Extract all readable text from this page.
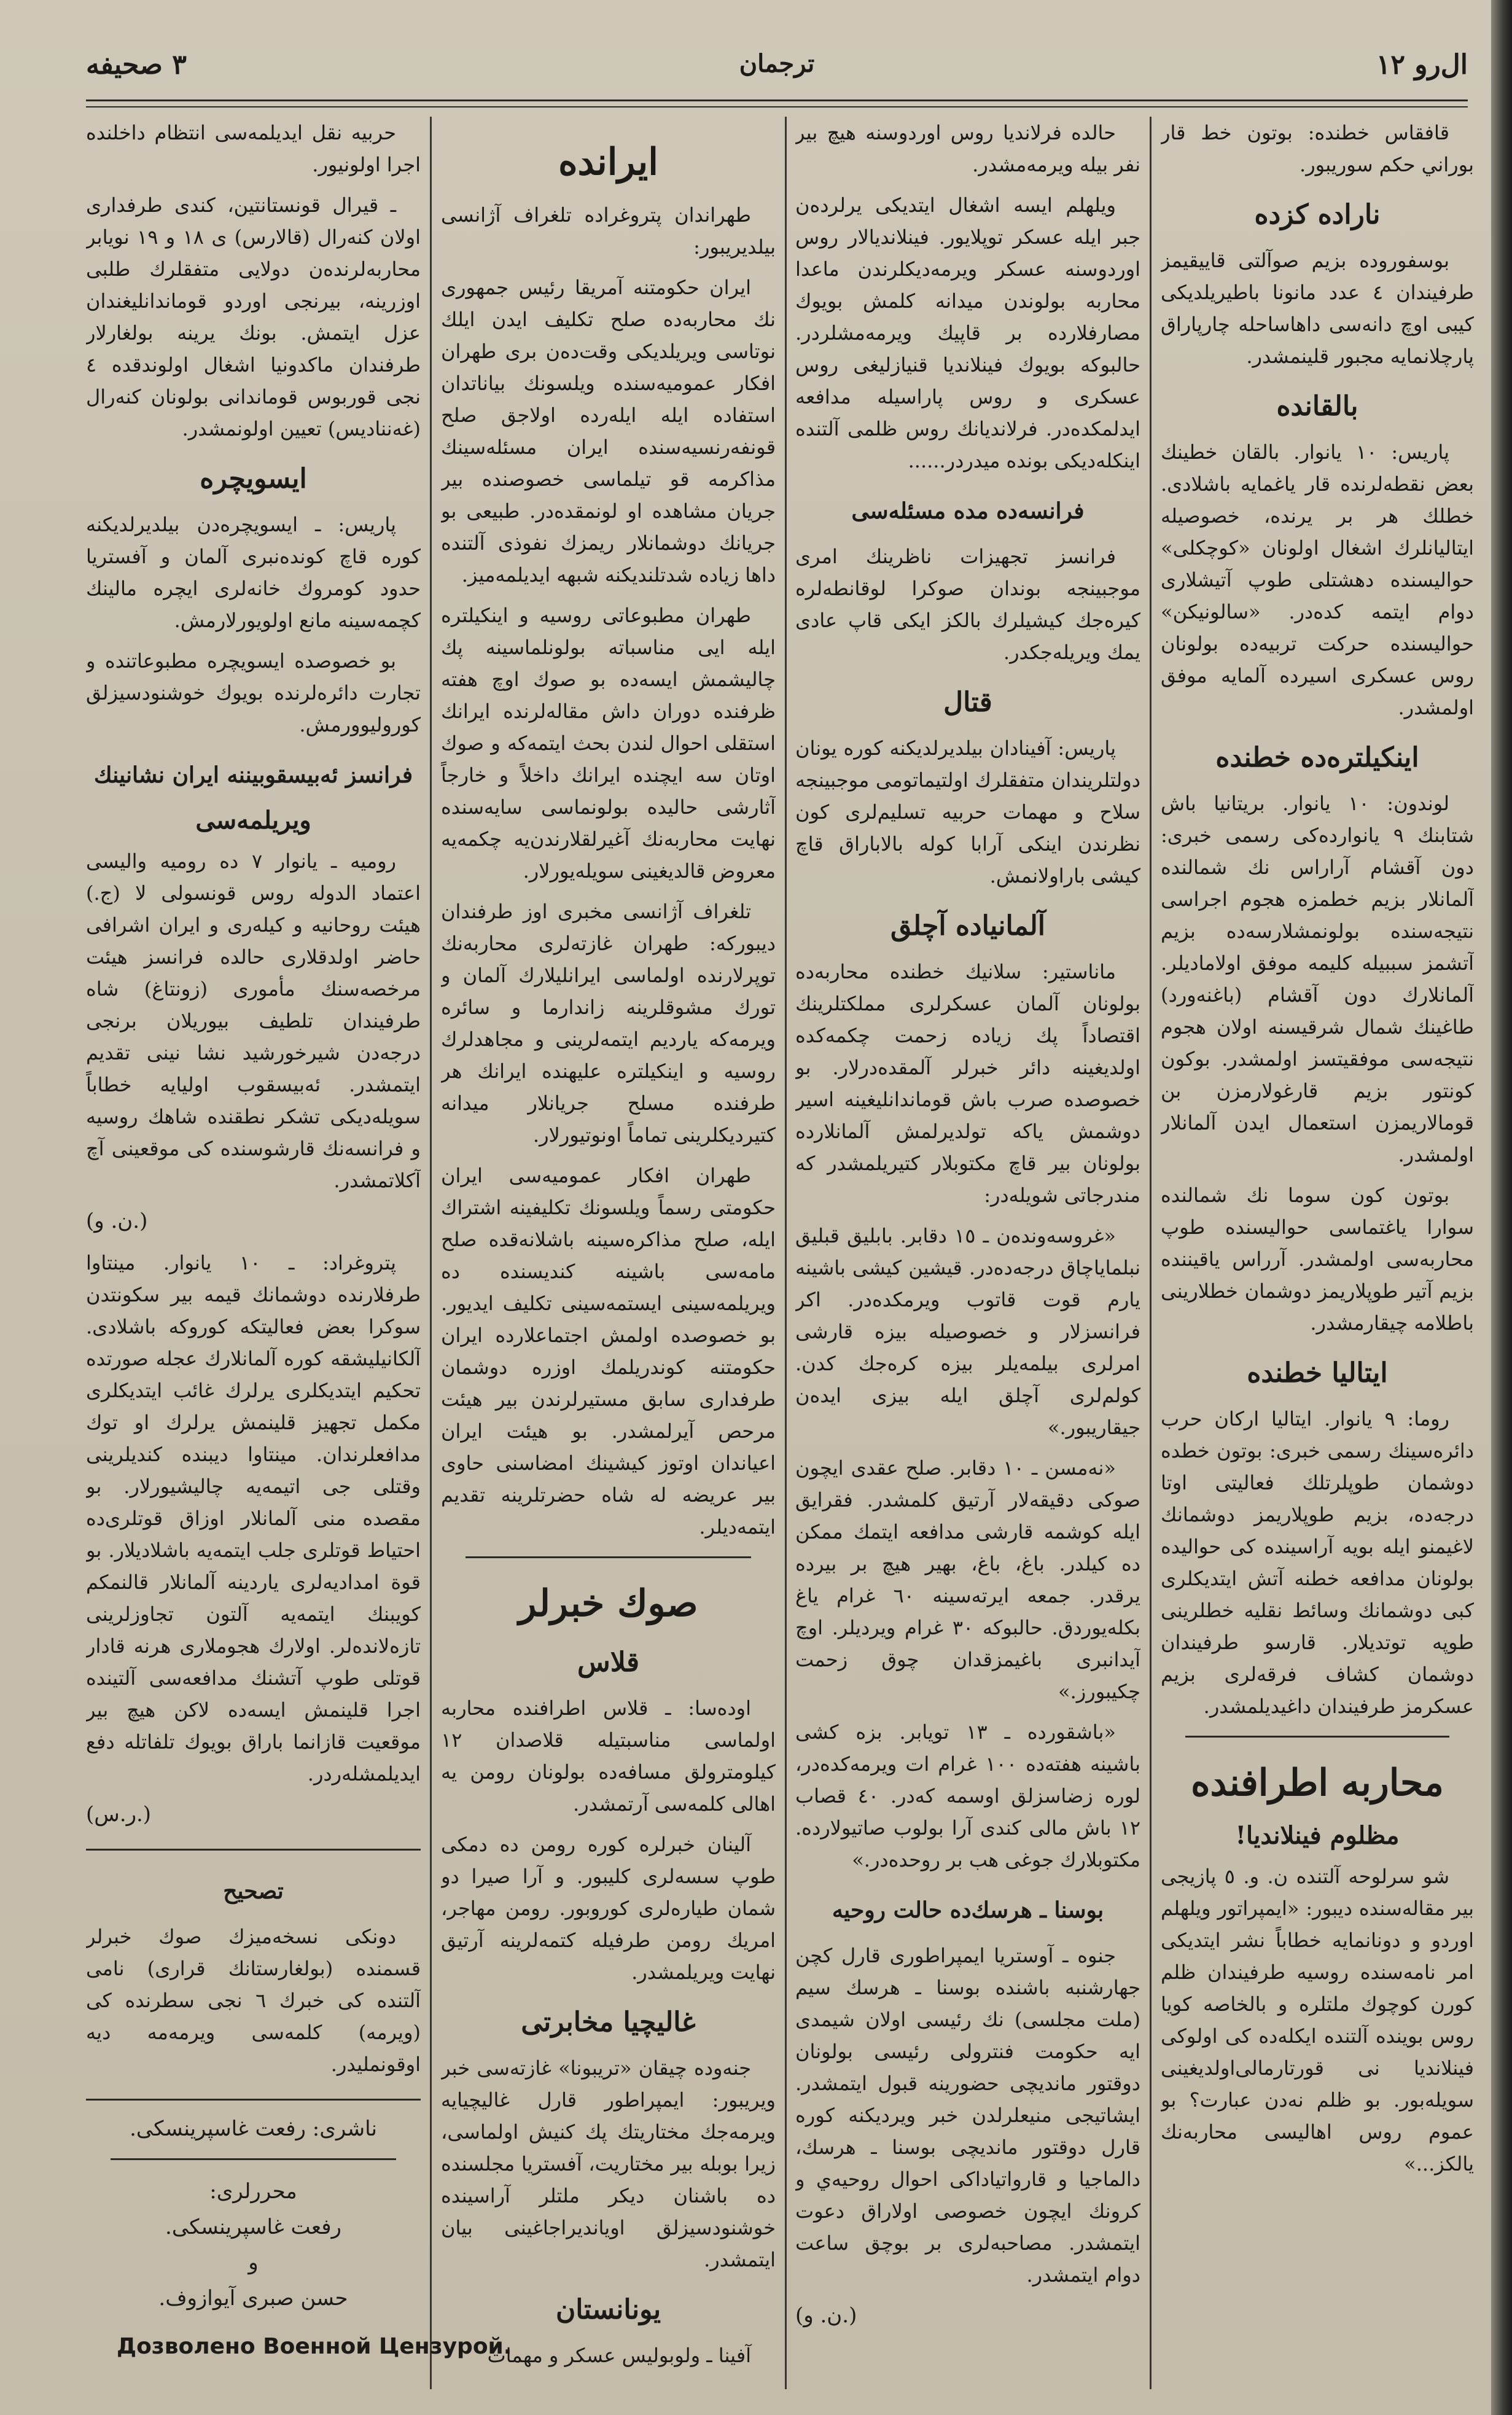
ال‌رو ١٢
ترجمان
٣ صحيفه

قافقاس خطنده: بوتون خط قار بوراني حكم سوريبور.

ناراده کزده

بوسفوروده بزیم صوآلتی قاییقیمز طرفیندان ٤ عدد مانونا باطیریلدیکی کیبی اوچ دانه‌سی داهاساحله چارپاراق پارچلانمایه مجبور قلینمشدر.

بالقانده

پاریس: ١٠ يانوار. بالقان خطينك بعض نقطه‌لرنده قار یاغمایه باشلادی. خطلك هر بر يرنده، خصوصيله ايتاليانلرك اشغال اولونان «كوچكلى» حوالیسنده دهشتلی طوپ آتیشلاری دوام ايتمه كده‌در. «سالونيكن» حوالیسنده حركت تربیه‌ده بولونان روس عسکری اسیرده آلمایه موفق اولمشدر.

اینکیلتره‌ده خطنده

لوندون: ١٠ يانوار. بریتانيا باش شتابنك ٩ يانوارده‌كی رسمی خبری: دون آقشام آراراس نك شمالنده آلمانلار بزيم خطمزه هجوم اجراسی نتيجه‌سنده بولونمشلارسه‌ده بزيم آتشمز سببيله كليمه موفق اولامادیلر. آلمانلارك دون آقشام (باغنه‌ورد) طاغينك شمال شرقيسنه اولان هجوم نتيجه‌سی موفقيتسز اولمشدر. بوكون كونتور بزيم قارغولارمزن بن قومالاریمزن استعمال ایدن آلمانلار اولمشدر.

بوتون كون سوما نك شمالنده سوارا ياغتماسی حواليسنده طوپ محاربه‌سی اولمشدر. آرراس ياقيننده بزيم آتير طوپلاريمز دوشمان خطلارينی باطلامه چيقارمشدر.

ايتاليا خطنده

روما: ٩ يانوار. ايتاليا اركان حرب دائره‌سينك رسمی خبری: بوتون خطده دوشمان طوپلرتلك فعالیتی اوتا درجه‌ده، بزيم طوپلاريمز دوشمانك لاغيمنو ايله بويه آراسينده كی حواليده بولونان مدافعه خطنه آتش ایتدیكلری كبی دوشمانك وسائط نقليه خطلرينی طوپه توتديلار. قارسو طرفيندان دوشمان كشاف فرقه‌لری بزيم عسکرمز طرفيندان داغيدیلمشدر.

محاربه اطرافنده
مظلوم فينلانديا!

شو سرلوحه آلتنده ن. و. ٥ پازيجی بير مقاله‌سنده ديبور: «ايمپراتور ويلهلم اوردو و دونانمايه خطاباً نشر ايتديكی امر نامه‌سنده روسيه طرفيندان ظلم كورن كوچوك ملتلره و بالخاصه كويا روس بوينده آلتنده ايكله‌ده كی اولوکی فينلانديا نى قورتارمالی‌اولديغينی سويله‌بور. بو ظلم نه‌دن عبارت؟ بو عموم روس اهاليسی محاربه‌نك يالكز...»

حالده فرلانديا روس اوردوسنه هيچ بير نفر بيله ويرمه‌مشدر.

ويلهلم ايسه اشغال ايتديكی يرلرده‌ن جبر ايله عسکر توپلایور. فينلانديالار روس اوردوسنه عسکر ويرمه‌دیكلرندن ماعدا محاربه بولوندن ميدانه كلمش بويوك مصارفلارده بر قاپيك ويرمه‌مشلردر. حالبوكه بويوك فينلانديا قنيازلیغی روس عسکری و روس پاراسيله مدافعه ايدلمكده‌در. فرلانديانك روس ظلمی آلتنده اينكله‌ديكی بونده ميدردر......

فرانسه‌ده مده مسئله‌سی

فرانسز تجهيزات ناظرينك امری موجبينجه بوندان صوكرا لوقانطه‌لره كيره‌جك كيشيلرك بالكز ايكی قاپ عادی يمك ويريله‌جكدر.

قتال

پاريس: آفينادان بيلديرلديكنه كوره يونان دولتلريندان متفقلرك اولتيماتومی موجبينجه سلاح و مهمات حربيه تسليم‌لری كون نظرندن اينكی آرابا كوله بالاباراق قاچ كيشی باراولانمش.

آلمانيا‌ده آچلق

ماناستير: سلانيك خطنده محاربه‌ده بولونان آلمان عسکرلری مملکتلرينك اقتصاداً پك زياده زحمت چكمه‌كده اولديغينه دائر خبرلر آلمقده‌درلار. بو خصوصده صرب باش قوماندانلیغینه اسير دوشمش ياكه تولديرلمش آلمانلارده بولونان بير قاچ مكتوبلار كتيريلمشدر كه مندرجاتی شويله‌در:

«غروسه‌ونده‌ن ـ ١٥ دقابر. بابليق قبليق نبلمايا‌چاق درجه‌ده‌در. قيشين كيشی باشينه يارم قوت قاتوب ويرمكده‌در. اكر فرانسزلار و خصوصيله بيزه قارشی امرلری بيلمه‌يلر بيزه كره‌جك كدن. كولم‌لری آچلق ايله بيزی ايده‌ن جيقاريبور.»

«نه‌مسن ـ ١٠ دقابر. صلح عقدی ايچون صوكی دقيقه‌لار آرتيق كلمشدر. فقرايق ايله كوشمه قارشی مدافعه ايتمك ممكن ده كيلدر. باغ، باغ، بهير هيچ بر بيرده يرقدر. جمعه ايرته‌سينه ٦٠ غرام ياغ بكله‌يوردق. حالبوكه ٣٠ غرام ويرديلر. اوچ آيدانبری باغيمزقدان چوق زحمت چكيبورز.»

«باشقورده ـ ١٣ تويابر. بزه كشی باشينه هفته‌ده ١٠٠ غرام ات ويرمه‌كده‌در، لوره زضاسزلق اوسمه كه‌در. ٤٠ قصاب ١٢ باش مالی كندی آرا بولوب صاتيولارده. مكتوبلارك جوغی هب بر روحده‌در.»

بوسنا ـ هرسك‌ده حالت روحيه

جنوه ـ آوستريا ايمپراطوری قارل كچن جهارشنبه باشنده بوسنا ـ هرسك سيم (ملت مجلسی) نك رئيسی اولان شيمدی ايه حكومت فنترولی رئيسی بولونان دوقتور ماندیچی حضورينه قبول ايتمشدر. ايشاتيجی منيعلرلدن خبر ويرديكنه كوره قارل دوقتور ماندیچی بوسنا ـ هرسك، دالماجيا و قارواتياداكی احوال روحيه‌ي و كرونك ايچون خصوصی اولاراق دعوت ايتمشدر. مصاحبه‌لری بر بوچق ساعت دوام ايتمشدر.

(ن. و.)
ايرانده

طهراندان پترو‌غراده تلغراف آژانسی بيلديريبور:

ايران حكومتنه آمريقا رئيس جمهوری نك محاربه‌ده صلح تكليف ايدن ايلك نوتاسی ويريلديكی وقت‌ده‌ن بری طهران افكار عموميه‌سنده ويلسونك بياناتدان استفاده ايله ايله‌رده اولاجق صلح قونفه‌رنسيه‌سنده ايران مسئله‌سينك مذاكرمه قو تيلماسی خصوصنده بير جريان مشاهده او لونمقده‌در. طبيعی بو جريانك دوشمانلار ريمزك نفوذی آلتنده داها زياده شدتلنديكنه شبهه ايديلمه‌ميز.

طهران مطبوعاتی روسيه و اينكيلتره ايله ايی مناسباته بولونلماسينه پك چاليشمش ايسه‌ده بو صوك اوچ هفته‌ ظرفنده دوران داش مقاله‌لرنده ايرانك استقلی احوال لندن بحث ايتمه‌كه و صوك اوتان سه ايچنده ايرانك داخلاً و خارجاً آثارشی حاليده بولونماسی سايه‌سنده نهايت محاربه‌نك آغيرلقلارندن‌يه چكمه‌يه معروض قالديغينی سويله‌يورلار.

تلغراف آژانسی مخبری اوز طرفندان ديبوركه: طهران غازته‌لری محاربه‌نك توپرلارنده اولماسی ايرانليلارك آلمان و تورك مشوقلرينه زاندارما و سائره ويرمه‌كه يارديم ايتمه‌لرينی و مجاهدلرك روسيه و اينكيلتره عليهنده ايرانك هر طرفنده مسلح جريانلار ميدانه كتيرديكلرينی تماماً اونوتيورلار.

طهران افكار عموميه‌سی ايران حكومتی رسماً ويلسونك تكليفينه اشتراك ايله، صلح مذاكره‌سينه باشلانه‌قده صلح مامه‌سی باشينه كنديسنده ده ويريلمه‌سينی ايستمه‌سينی تكليف ايديور. بو خصوصده اولمش اجتماعلارده ايران حكومتنه كوندريلمك اوزره دوشمان طرفداری سابق مستيرلرندن بير هيئت مرحص آيرلمشدر. بو هيئت ايران اعياندان اوتوز كيشينك امضاسنی حاوی بير عريضه‌ له شاه حضرتلرينه تقديم ايتمه‌ديلر.

صوك خبرلر
قلاس

اوده‌سا: ـ قلاس اطرافنده محاربه اولماسی مناسبتيله قلاصدان ١٢ كيلو‌مترولق مسافه‌ده بولونان رومن يه اهالی كلمه‌سی آرتمشدر.

آلينان خبرلره كوره رومن ده دمكی طوپ سسه‌لری كليبور. و آرا صيرا دو شمان طياره‌لری كوروبور. رومن مهاجر، امريك رومن طرفيله كتمه‌لرينه آرتيق نهايت ويريلمشدر.

غاليچيا مخابرتی

جنه‌وده چيقان «تريبونا» غازته‌سی خبر ويريبور: ايمپراطور قارل غاليچيايه ويرمه‌جك مختاريتك پك كنيش اولماسی، زيرا بوبله بير مختاريت، آفستريا مجلسنده ‌ده باشنان ديكر ملتلر آراسينده خوشنودسيزلق اويانديراجاغينی بيان ايتمشدر.

يونانستان

آفينا ـ ولوبوليس عسكر و مهمات

حربيه نقل ايديلمه‌سی انتظام داخلنده اجرا اولونيور.

ـ قيرال قونستانتين، كندی طرفداری اولان كنه‌رال (قالارس) ی ١٨ و ١٩ نويابر محاربه‌لرنده‌ن دولايی متفقلرك طلبی اوزرينه، بيرنجی اوردو قوماندانليغندان عزل ايتمش. بونك يرينه بولغارلار طرفندان ماكدونيا اشغال اولوندقده ٤ نجی قوربوس قوماندانی بولونان كنه‌رال (غه‌نناديس) تعيين اولونمشدر.

ايسويچره

پاريس: ـ ايسويچره‌دن بيلديرلديكنه كوره قاچ كونده‌نبری آلمان و آفستريا حدود كومروك خانه‌لری ايچره مالينك كچمه‌سينه مانع اولويورلارمش.

بو خصوصده ايسويچره مطبوعاتنده و تجارت دائره‌لرنده بويوك خوشنودسيزلق كوروليوورمش.

فرانسز ئه‌بيسقوبيننه ايران نشانينك
ويريلمه‌سی

روميه ـ يانوار ٧ ده روميه واليسی اعتماد الدوله روس قونسولی لا (ج.) هيئت روحانيه و كيله‌ری و ايران اشرافی حاضر اولدقلاری حالده فرانسز هيئت مرخصه‌سنك مأموری (زونتاغ) شاه طرفيندان تلطيف بيوريلان برنجی درجه‌دن شيرخورشيد نشا نينی تقديم ايتمشدر. ئه‌بيسقوب اوليايه خطاباً سويله‌ديكی تشكر نطقنده شاهك روسيه و فرانسه‌نك قارشوسنده كی موقعينی آچ آكلاتمشدر.

(ن. و.)

پترو‌غراد: ـ ١٠ يانوار. مينتاوا طرفلارنده دوشمانك قيمه بير سكونتدن سوكرا بعض فعاليتكه كوروكه باشلادی. آلكانيليشقه كوره آلمانلارك عجله صورتده تحكيم ايتديكلری يرلرك غائب ايتديكلری مكمل تجهيز قلينمش يرلرك او توك مدافعلرندان. مينتاوا ديبنده كنديلرينی وقتلی جی اتيمه‌يه چاليشيورلار. بو مقصده منی آلمانلار اوزاق قوتلری‌ده احتياط قوتلری جلب ايتمه‌يه باشلاديلار. بو قوة امداديه‌لری ياردينه آلمانلار قالنمكم كويبنك ايتمه‌يه آلتون تجاوزلرينی تازه‌لانده‌لر. اولارك هجوملاری هرنه قادار قوتلی طوپ آتشنك مدافعه‌سی آلتينده اجرا قلينمش ايسه‌ده لاكن هيچ بير موقعيت قازانما باراق بويوك تلفاتله دفع ايديلمشله‌ردر.

(ر.س.)
تصحيح

دونكی نسخه‌میزك صوك خبرلر قسمنده (بولغارستانك قراری) نامی آلتنده كی خبرك ٦ نجی سطرنده كی (ويرمه) كلمه‌سی ويرمه‌مه ديه اوقونملیدر.

ناشری: رفعت غاسپرينسكی.
محررلری:
رفعت غاسپرينسكی.
و
حسن صبری آيواز‌وف.
Дозволено Военной Цензурой.
